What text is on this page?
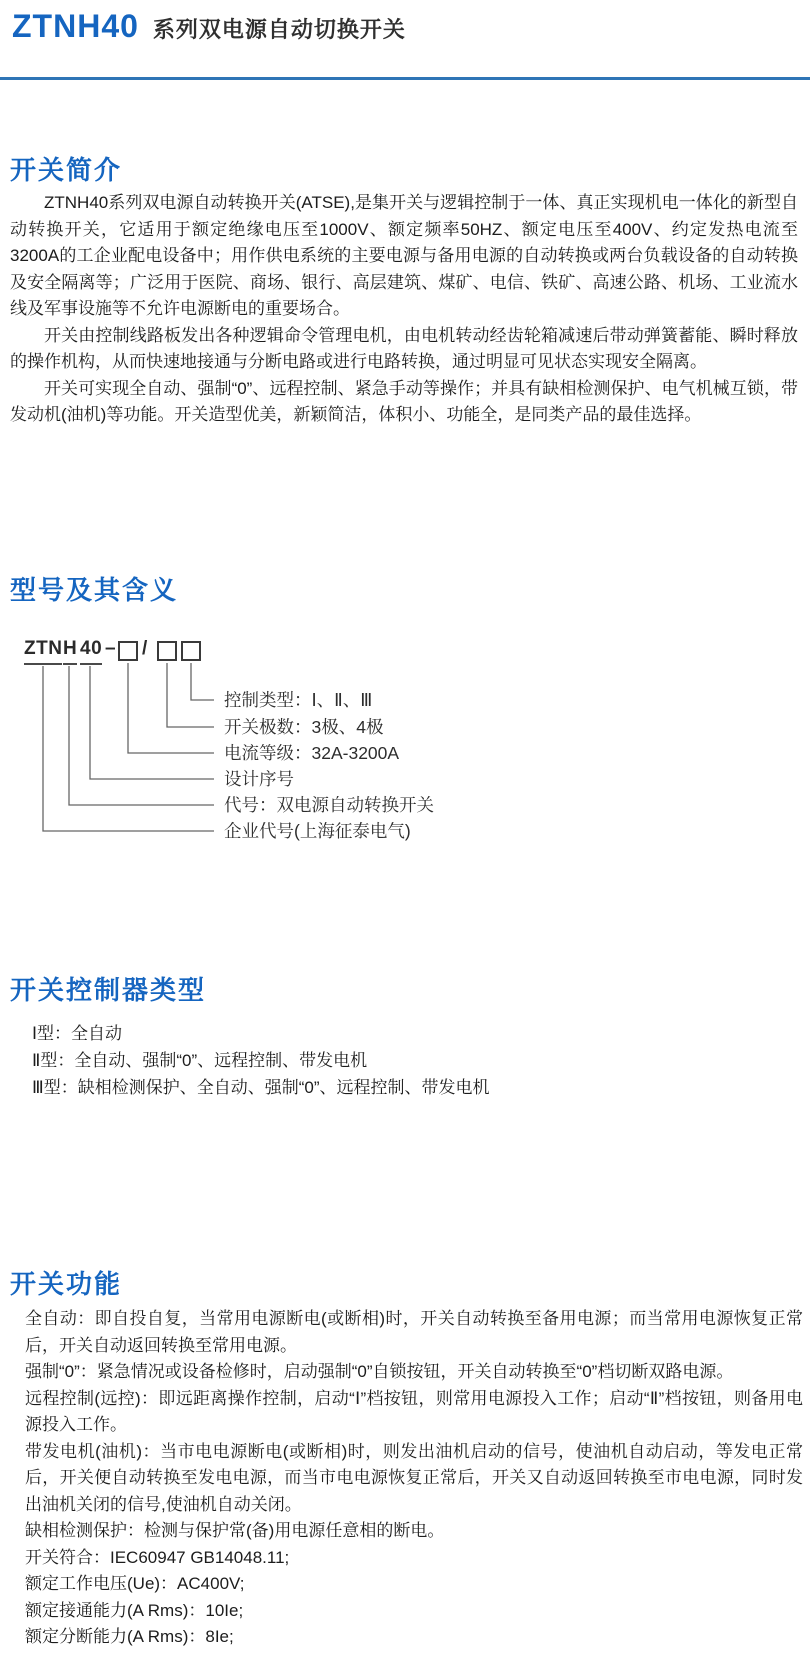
ZTNH40 系列双电源自动切换开关
开关简介

ZTNH40系列双电源自动转换开关(ATSE),是集开关与逻辑控制于一体、真正实现机电一体化的新型自动转换开关，它适用于额定绝缘电压至1000V、额定频率50HZ、额定电压至400V、约定发热电流至3200A的工企业配电设备中；用作供电系统的主要电源与备用电源的自动转换或两台负载设备的自动转换及安全隔离等；广泛用于医院、商场、银行、高层建筑、煤矿、电信、铁矿、高速公路、机场、工业流水线及军事设施等不允许电源断电的重要场合。

开关由控制线路板发出各种逻辑命令管理电机，由电机转动经齿轮箱减速后带动弹簧蓄能、瞬时释放的操作机构，从而快速地接通与分断电路或进行电路转换，通过明显可见状态实现安全隔离。

开关可实现全自动、强制“0”、远程控制、紧急手动等操作；并具有缺相检测保护、电气机械互锁，带发动机(油机)等功能。开关造型优美，新颖简洁，体积小、功能全，是同类产品的最佳选择。

型号及其含义
ZTN H 40 – /
控制类型：Ⅰ、Ⅱ、Ⅲ
开关极数：3极、4极
电流等级：32A-3200A
设计序号
代号：双电源自动转换开关
企业代号(上海征泰电气)
开关控制器类型

Ⅰ型：全自动

Ⅱ型：全自动、强制“0”、远程控制、带发电机

Ⅲ型：缺相检测保护、全自动、强制“0”、远程控制、带发电机

开关功能

全自动：即自投自复，当常用电源断电(或断相)时，开关自动转换至备用电源；而当常用电源恢复正常后，开关自动返回转换至常用电源。

强制“0”：紧急情况或设备检修时，启动强制“0”自锁按钮，开关自动转换至“0”档切断双路电源。

远程控制(远控)：即远距离操作控制，启动“Ⅰ”档按钮，则常用电源投入工作；启动“Ⅱ”档按钮，则备用电源投入工作。

带发电机(油机)：当市电电源断电(或断相)时，则发出油机启动的信号，使油机自动启动，等发电正常后，开关便自动转换至发电电源，而当市电电源恢复正常后，开关又自动返回转换至市电电源，同时发出油机关闭的信号,使油机自动关闭。

缺相检测保护：检测与保护常(备)用电源任意相的断电。

开关符合：IEC60947 GB14048.11;

额定工作电压(Ue)：AC400V;

额定接通能力(A Rms)：10Ie;

额定分断能力(A Rms)：8Ie;
